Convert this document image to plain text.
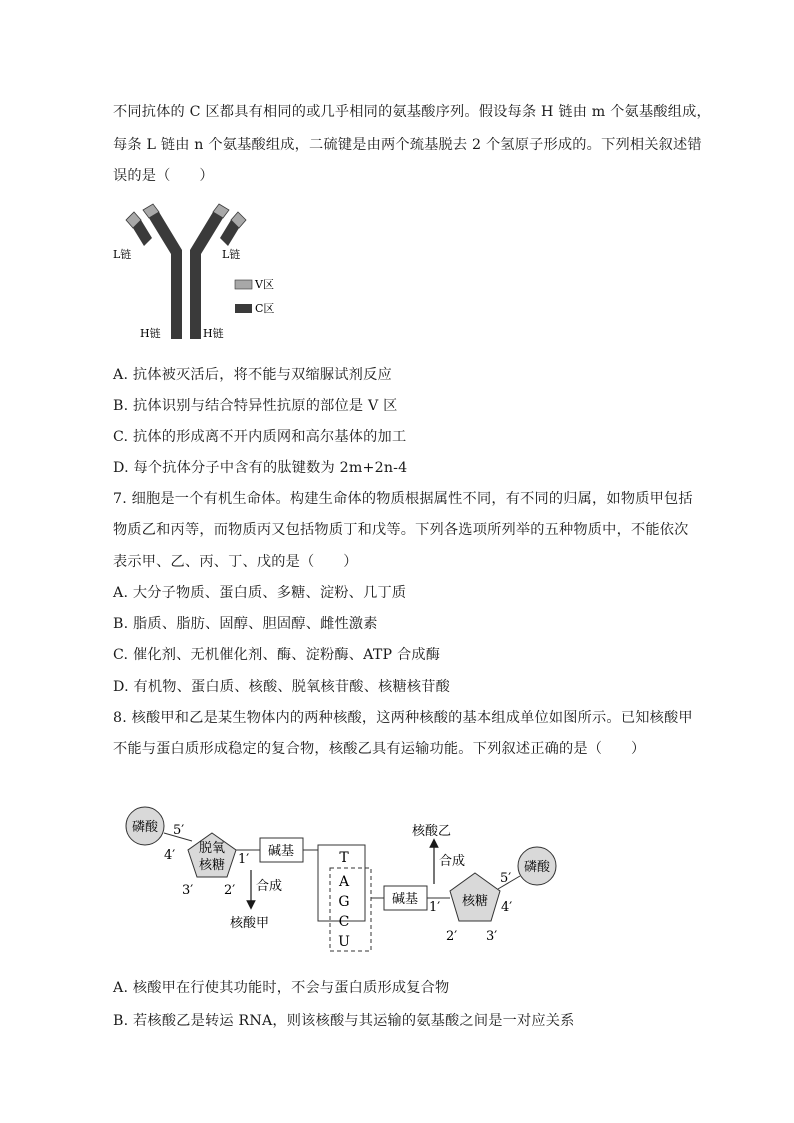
不同抗体的 C 区都具有相同的或几乎相同的氨基酸序列。假设每条 H 链由 m 个氨基酸组成，
每条 L 链由 n 个氨基酸组成，二硫键是由两个巯基脱去 2 个氢原子形成的。下列相关叙述错
误的是（　　）
L链	L链
H链	H链
V区
C区
A. 抗体被灭活后，将不能与双缩脲试剂反应
B. 抗体识别与结合特异性抗原的部位是 V 区
C. 抗体的形成离不开内质网和高尔基体的加工
D. 每个抗体分子中含有的肽键数为 2m+2n-4
7. 细胞是一个有机生命体。构建生命体的物质根据属性不同，有不同的归属，如物质甲包括
物质乙和丙等，而物质丙又包括物质丁和戊等。下列各选项所列举的五种物质中，不能依次
表示甲、乙、丙、丁、戊的是（　　）
A. 大分子物质、蛋白质、多糖、淀粉、几丁质
B. 脂质、脂肪、固醇、胆固醇、雌性激素
C. 催化剂、无机催化剂、酶、淀粉酶、ATP 合成酶
D. 有机物、蛋白质、核酸、脱氧核苷酸、核糖核苷酸
8. 核酸甲和乙是某生物体内的两种核酸，这两种核酸的基本组成单位如图所示。已知核酸甲
不能与蛋白质形成稳定的复合物，核酸乙具有运输功能。下列叙述正确的是（　　）
磷酸
脱氧
核糖
5′
4′	1′
3′ 2′
碱基
合成
核酸甲
T
A
G
C
U
碱基
合成
核酸乙
核糖
1′	4′
5′
2′ 3′
磷酸
A. 核酸甲在行使其功能时，不会与蛋白质形成复合物
B. 若核酸乙是转运 RNA，则该核酸与其运输的氨基酸之间是一对应关系
